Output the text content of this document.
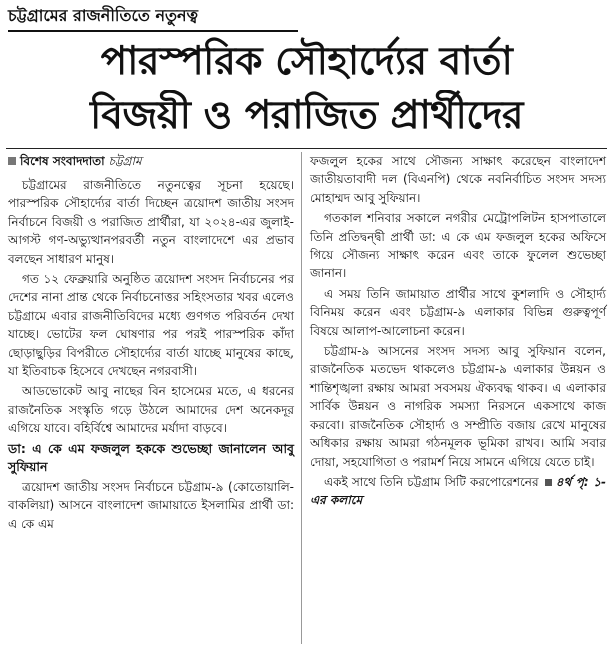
চট্টগ্রামের রাজনীতিতে নতুনত্ব
পারস্পরিক সৌহার্দ্যের বার্তা
বিজয়ী ও পরাজিত প্রার্থীদের
বিশেষ সংবাদদাতা চট্টগ্রাম

চট্টগ্রামের রাজনীতিতে নতুনত্বের সূচনা হয়েছে। পারস্পরিক সৌহার্দ্যের বার্তা দিচ্ছেন ত্রয়োদশ জাতীয় সংসদ নির্বাচনে বিজয়ী ও পরাজিত প্রার্থীরা, যা ২০২৪-এর জুলাই-আগস্ট গণ-অভ্যুত্থানপরবর্তী নতুন বাংলাদেশে এর প্রভাব বলছেন সাধারণ মানুষ।

গত ১২ ফেব্রুয়ারি অনুষ্ঠিত ত্রয়োদশ সংসদ নির্বাচনের পর দেশের নানা প্রান্ত থেকে নির্বাচনোত্তর সহিংসতার খবর এলেও চট্টগ্রামে এবার রাজনীতিবিদের মধ্যে গুণগত পরিবর্তন দেখা যাচ্ছে। ভোটের ফল ঘোষণার পর পরই পারস্পরিক কাঁদা ছোড়াছুড়ির বিপরীতে সৌহার্দ্যের বার্তা যাচ্ছে মানুষের কাছে, যা ইতিবাচক হিসেবে দেখছেন নগরবাসী।

আডভোকেট আবু নাছের বিন হাসেমের মতে, এ ধরনের রাজনৈতিক সংস্কৃতি গড়ে উঠলে আমাদের দেশ অনেকদূর এগিয়ে যাবে। বহির্বিশ্বে আমাদের মর্যাদা বাড়বে।

ডা: এ কে এম ফজলুল হককে শুভেচ্ছা জানালেন আবু সুফিয়ান

ত্রয়োদশ জাতীয় সংসদ নির্বাচনে চট্টগ্রাম-৯ (কোতোয়ালি-বাকলিয়া) আসনে বাংলাদেশ জামায়াতে ইসলামির প্রার্থী ডা: এ কে এম

ফজলুল হকের সাথে সৌজন্য সাক্ষাৎ করেছেন বাংলাদেশ জাতীয়তাবাদী দল (বিএনপি) থেকে নবনির্বাচিত সংসদ সদস্য মোহাম্মদ আবু সুফিয়ান।

গতকাল শনিবার সকালে নগরীর মেট্রোপলিটন হাসপাতালে তিনি প্রতিদ্বন্দ্বী প্রার্থী ডা: এ কে এম ফজলুল হকের অফিসে গিয়ে সৌজন্য সাক্ষাৎ করেন এবং তাকে ফুলেল শুভেচ্ছা জানান।

এ সময় তিনি জামায়াত প্রার্থীর সাথে কুশলাদি ও সৌহার্দ্য বিনিময় করেন এবং চট্টগ্রাম-৯ এলাকার বিভিন্ন গুরুত্বপূর্ণ বিষয়ে আলাপ-আলোচনা করেন।

চট্টগ্রাম-৯ আসনের সংসদ সদস্য আবু সুফিয়ান বলেন, রাজনৈতিক মতভেদ থাকলেও চট্টগ্রাম-৯ এলাকার উন্নয়ন ও শান্তিশৃঙ্খলা রক্ষায় আমরা সবসময় ঐক্যবদ্ধ থাকব। এ এলাকার সার্বিক উন্নয়ন ও নাগরিক সমস্যা নিরসনে একসাথে কাজ করবো। রাজনৈতিক সৌহার্দ্য ও সম্প্রীতি বজায় রেখে মানুষের অধিকার রক্ষায় আমরা গঠনমূলক ভূমিকা রাখব। আমি সবার দোয়া, সহযোগিতা ও পরামর্শ নিয়ে সামনে এগিয়ে যেতে চাই।

একই সাথে তিনি চট্টগ্রাম সিটি করপোরেশনের ৪র্থ পৃ: ১-এর কলামে
